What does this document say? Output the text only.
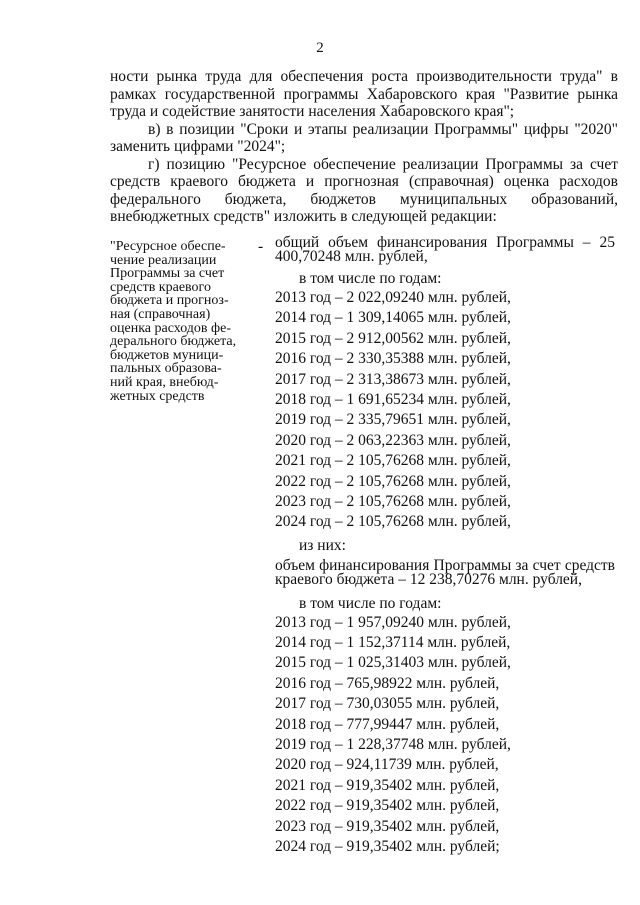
2

ности рынка труда для обеспечения роста производительности труда" в рамках государственной программы Хабаровского края "Развитие рынка труда и содействие занятости населения Хабаровского края";

в) в позиции "Сроки и этапы реализации Программы" цифры "2020" заменить цифрами "2024";

г) позицию "Ресурсное обеспечение реализации Программы за счет средств краевого бюджета и прогнозная (справочная) оценка расходов федерального бюджета, бюджетов муниципальных образований, внебюджетных средств" изложить в следующей редакции:

"Ресурсное обеспе-
чение реализации
Программы за счет
средств краевого
бюджета и прогноз-
ная (справочная)
оценка расходов фе-
дерального бюджета,
бюджетов муници-
пальных образова-
ний края, внебюд-
жетных средств
- общий объем финансирования Программы – 25 400,70248 млн. рублей,
в том числе по годам:
2013 год – 2 022,09240 млн. рублей,
2014 год – 1 309,14065 млн. рублей,
2015 год – 2 912,00562 млн. рублей,
2016 год – 2 330,35388 млн. рублей,
2017 год – 2 313,38673 млн. рублей,
2018 год – 1 691,65234 млн. рублей,
2019 год – 2 335,79651 млн. рублей,
2020 год – 2 063,22363 млн. рублей,
2021 год – 2 105,76268 млн. рублей,
2022 год – 2 105,76268 млн. рублей,
2023 год – 2 105,76268 млн. рублей,
2024 год – 2 105,76268 млн. рублей,
из них:
объем финансирования Программы за счет средств краевого бюджета – 12 238,70276 млн. рублей,
в том числе по годам:
2013 год – 1 957,09240 млн. рублей,
2014 год – 1 152,37114 млн. рублей,
2015 год – 1 025,31403 млн. рублей,
2016 год – 765,98922 млн. рублей,
2017 год – 730,03055 млн. рублей,
2018 год – 777,99447 млн. рублей,
2019 год – 1 228,37748 млн. рублей,
2020 год – 924,11739 млн. рублей,
2021 год – 919,35402 млн. рублей,
2022 год – 919,35402 млн. рублей,
2023 год – 919,35402 млн. рублей,
2024 год – 919,35402 млн. рублей;
